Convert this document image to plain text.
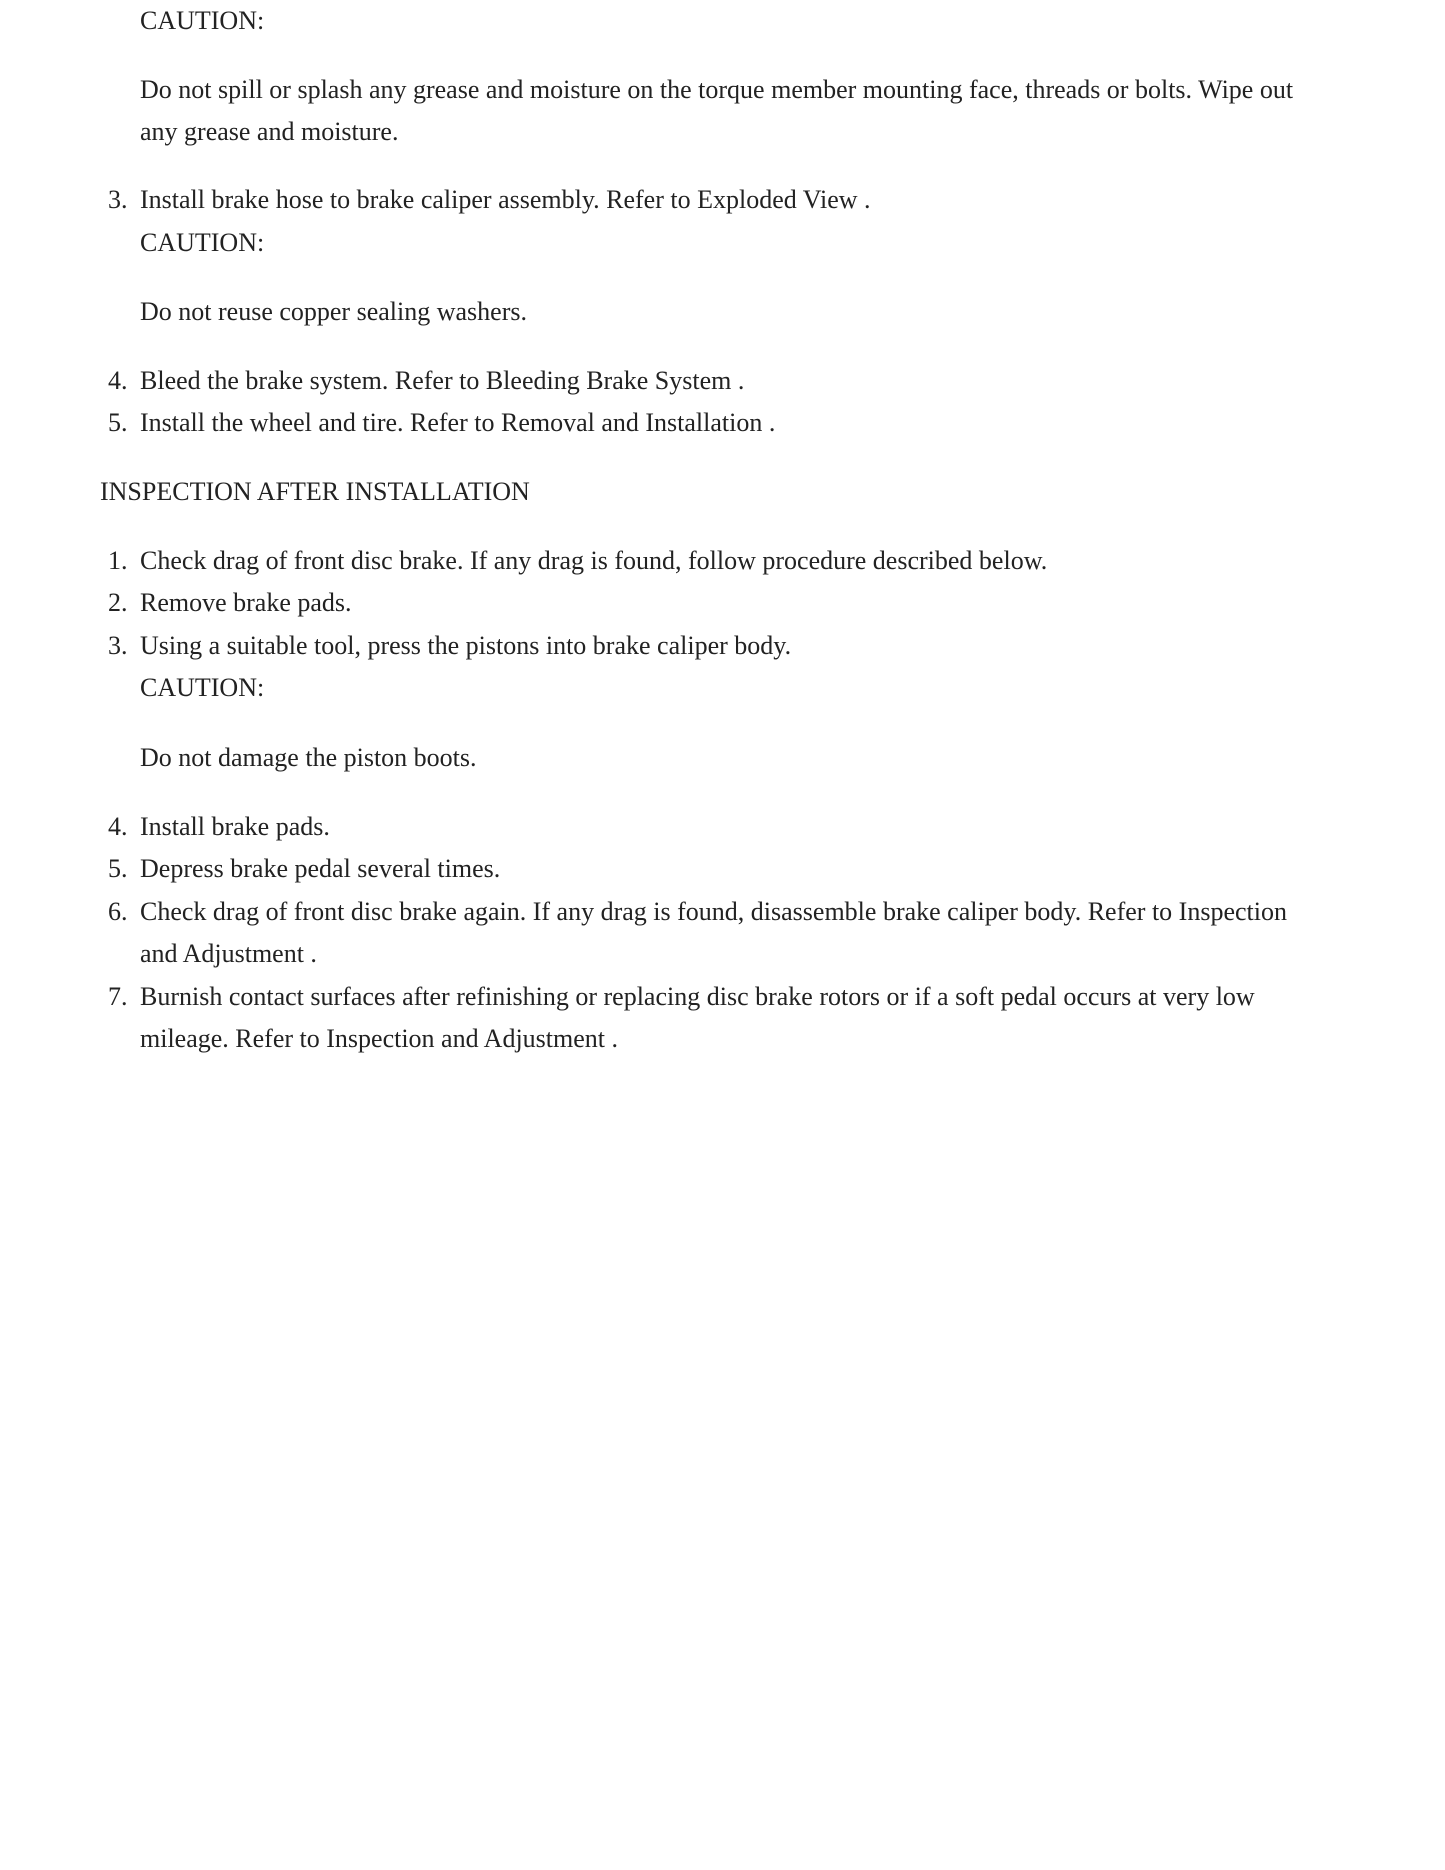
CAUTION:

Do not spill or splash any grease and moisture on the torque member mounting face, threads or bolts. Wipe out

any grease and moisture.

3. Install brake hose to brake caliper assembly. Refer to Exploded View .

CAUTION:

Do not reuse copper sealing washers.

4. Bleed the brake system. Refer to Bleeding Brake System .

5. Install the wheel and tire. Refer to Removal and Installation .

INSPECTION AFTER INSTALLATION
1. Check drag of front disc brake. If any drag is found, follow procedure described below.

2. Remove brake pads.

3. Using a suitable tool, press the pistons into brake caliper body.

CAUTION:

Do not damage the piston boots.

4. Install brake pads.

5. Depress brake pedal several times.

6. Check drag of front disc brake again. If any drag is found, disassemble brake caliper body. Refer to Inspection

and Adjustment .

7. Burnish contact surfaces after refinishing or replacing disc brake rotors or if a soft pedal occurs at very low

mileage. Refer to Inspection and Adjustment .
